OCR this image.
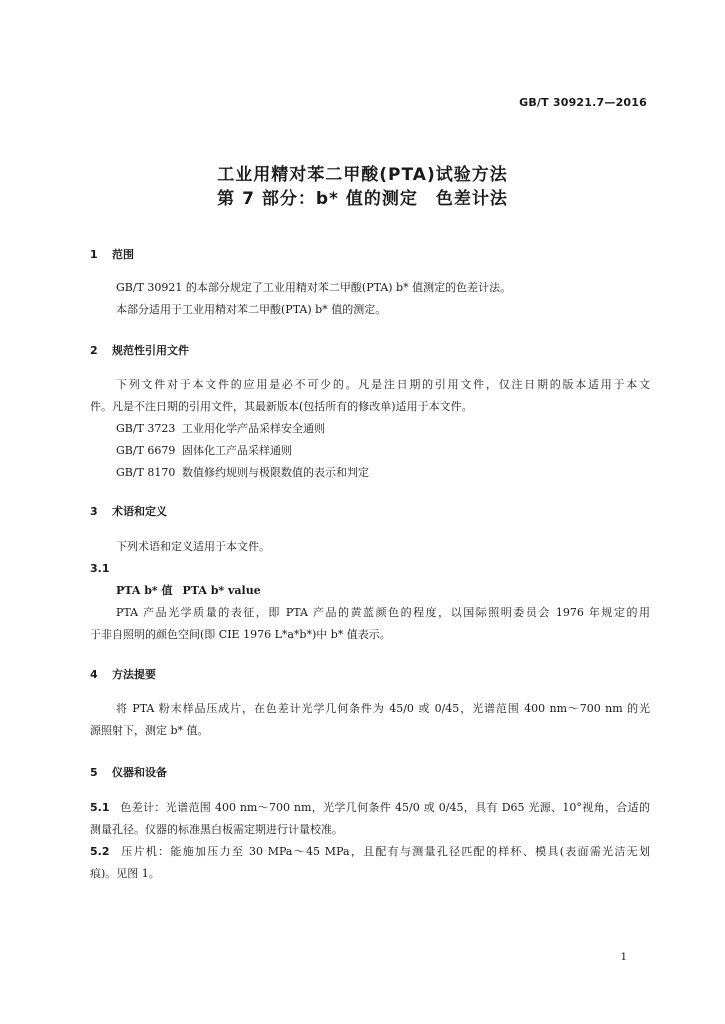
GB/T 30921.7—2016
工业用精对苯二甲酸(PTA)试验方法
第 7 部分：b* 值的测定　色差计法
1 范围
GB/T 30921 的本部分规定了工业用精对苯二甲酸(PTA) b* 值测定的色差计法。
本部分适用于工业用精对苯二甲酸(PTA) b* 值的测定。
2 规范性引用文件
下列文件对于本文件的应用是必不可少的。凡是注日期的引用文件，仅注日期的版本适用于本文
件。凡是不注日期的引用文件，其最新版本(包括所有的修改单)适用于本文件。
GB/T 3723 工业用化学产品采样安全通则
GB/T 6679 固体化工产品采样通则
GB/T 8170 数值修约规则与极限数值的表示和判定
3 术语和定义
下列术语和定义适用于本文件。
3.1
PTA b* 值 PTA b* value
PTA 产品光学质量的表征，即 PTA 产品的黄蓝颜色的程度，以国际照明委员会 1976 年规定的用
于非自照明的颜色空间(即 CIE 1976 L*a*b*)中 b* 值表示。
4 方法提要
将 PTA 粉末样品压成片，在色差计光学几何条件为 45/0 或 0/45，光谱范围 400 nm～700 nm 的光
源照射下，测定 b* 值。
5 仪器和设备
5.1 色差计：光谱范围 400 nm～700 nm，光学几何条件 45/0 或 0/45，具有 D65 光源、10°视角，合适的
测量孔径。仪器的标准黑白板需定期进行计量校准。
5.2 压片机：能施加压力至 30 MPa～45 MPa，且配有与测量孔径匹配的样杯、模具(表面需光洁无划
痕)。见图 1。
1
